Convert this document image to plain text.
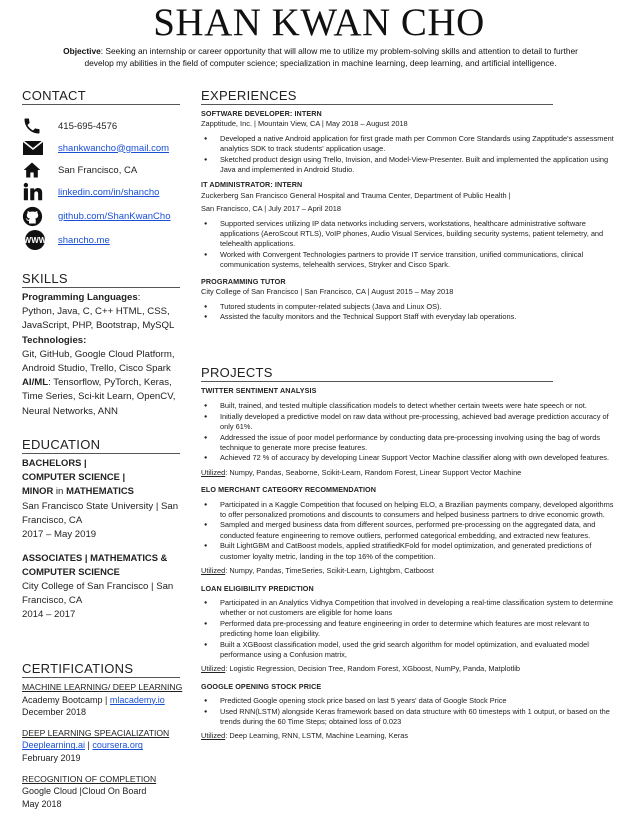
SHAN KWAN CHO
Objective: Seeking an internship or career opportunity that will allow me to utilize my problem-solving skills and attention to detail to further develop my abilities in the field of computer science; specialization in machine learning, deep learning, and artificial intelligence.
CONTACT
415-695-4576
shankwancho@gmail.com
San Francisco, CA
linkedin.com/in/shancho
github.com/ShanKwanCho
WWW shancho.me
SKILLS
Programming Languages:
Python, Java, C, C++ HTML, CSS, JavaScript, PHP, Bootstrap, MySQL
Technologies:
Git, GitHub, Google Cloud Platform, Android Studio, Trello, Cisco Spark
AI/ML: Tensorflow, PyTorch, Keras, Time Series, Sci-kit Learn, OpenCV, Neural Networks, ANN
EDUCATION
BACHELORS |
COMPUTER SCIENCE |
MINOR in MATHEMATICS
San Francisco State University | San Francisco, CA
2017 – May 2019
ASSOCIATES | MATHEMATICS & COMPUTER SCIENCE
City College of San Francisco | San Francisco, CA
2014 – 2017
CERTIFICATIONS
MACHINE LEARNING/ DEEP LEARNING
Academy Bootcamp | mlacademy.io
December 2018
DEEP LEARNING SPEACIALIZATION
Deeplearning.ai | coursera.org
February 2019
RECOGNITION OF COMPLETION
Google Cloud |Cloud On Board
May 2018
EXPERIENCES
SOFTWARE DEVELOPER: INTERN
Zapptitude, Inc. | Mountain View, CA | May 2018 – August 2018
● Developed a native Android application for first grade math per Common Core Standards using Zapptitude's assessment analytics SDK to track students' application usage.
● Sketched product design using Trello, Invision, and Model-View-Presenter. Built and implemented the application using Java and implemented in Android Studio.
IT ADMINISTRATOR: INTERN
Zuckerberg San Francisco General Hospital and Trauma Center, Department of Public Health |
San Francisco, CA | July 2017 – April 2018
● Supported services utilizing IP data networks including servers, workstations, healthcare administrative software applications (AeroScout RTLS), VoIP phones, Audio Visual Services, building security systems, patient telemetry, and telehealth applications.
● Worked with Convergent Technologies partners to provide IT service transition, unified communications, clinical communication systems, telehealth services, Stryker and Cisco Spark.
PROGRAMMING TUTOR
City College of San Francisco | San Francisco, CA | August 2015 – May 2018
● Tutored students in computer-related subjects (Java and Linux OS).
● Assisted the faculty monitors and the Technical Support Staff with everyday lab operations.
PROJECTS
TWITTER SENTIMENT ANALYSIS
● Built, trained, and tested multiple classification models to detect whether certain tweets were hate speech or not.
● Initially developed a predictive model on raw data without pre-processing, achieved bad average prediction accuracy of only 61%.
● Addressed the issue of poor model performance by conducting data pre-processing involving using the bag of words technique to generate more precise features.
● Achieved 72 % of accuracy by developing Linear Support Vector Machine classifier along with own developed features.
Utilized: Numpy, Pandas, Seaborne, Scikit-Learn, Random Forest, Linear Support Vector Machine
ELO MERCHANT CATEGORY RECOMMENDATION
● Participated in a Kaggle Competition that focused on helping ELO, a Brazilian payments company, developed algorithms to offer personalized promotions and discounts to consumers and helped business partners to drive economic growth.
● Sampled and merged business data from different sources, performed pre-processing on the aggregated data, and conducted feature engineering to remove outliers, performed categorical embedding, and extracted new features.
● Built LightGBM and CatBoost models, applied stratifiedKFold for model optimization, and generated predictions of customer loyalty metric, landing in the top 16% of the competition.
Utilized: Numpy, Pandas, TimeSeries, Scikit-Learn, Lightgbm, Catboost
LOAN ELIGIBILITY PREDICTION
● Participated in an Analytics Vidhya Competition that involved in developing a real-time classification system to determine whether or not customers are eligible for home loans
● Performed data pre-processing and feature engineering in order to determine which features are most relevant to predicting home loan eligibility.
● Built a XGBoost classification model, used the grid search algorithm for model optimization, and evaluated model performance using a Confusion matrix,
Utilized: Logistic Regression, Decision Tree, Random Forest, XGboost, NumPy, Panda, Matplotlib
GOOGLE OPENING STOCK PRICE
● Predicted Google opening stock price based on last 5 years' data of Google Stock Price
● Used RNN(LSTM) alongside Keras framework based on data structure with 60 timesteps with 1 output, or based on the trends during the 60 Time Steps; obtained loss of 0.023
Utilized: Deep Learning, RNN, LSTM, Machine Learning, Keras
